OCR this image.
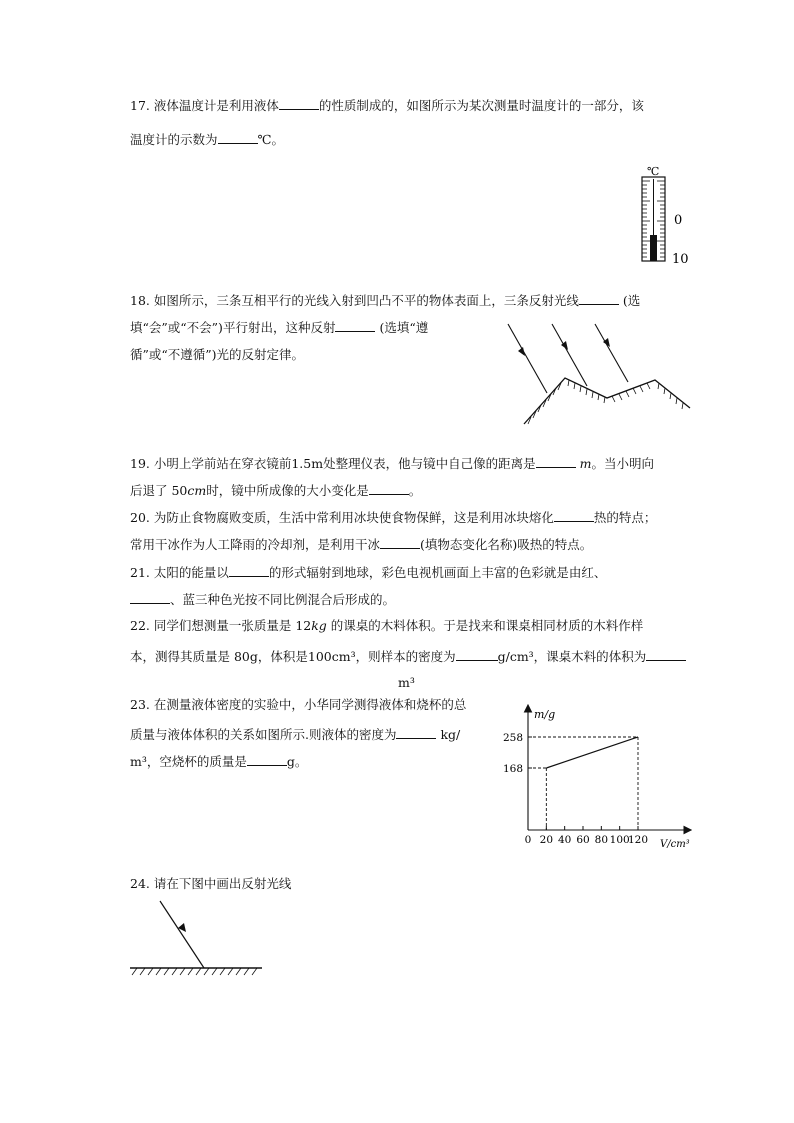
17. 液体温度计是利用液体	的性质制成的，如图所示为某次测量时温度计的一部分，该
温度计的示数为	℃。
℃
0
10
18. 如图所示，三条互相平行的光线入射到凹凸不平的物体表面上，三条反射光线	(选
填“会”或“不会”)平行射出，这种反射	(选填“遵
循”或“不遵循”)光的反射定律。
19. 小明上学前站在穿衣镜前1.5m处整理仪表，他与镜中自己像的距离是	m。当小明向
后退了 50cm时，镜中所成像的大小变化是	。
20. 为防止食物腐败变质，生活中常利用冰块使食物保鲜，这是利用冰块熔化	热的特点；
常用干冰作为人工降雨的冷却剂，是利用干冰	(填物态变化名称)吸热的特点。
21. 太阳的能量以	的形式辐射到地球，彩色电视机画面上丰富的色彩就是由红、
、蓝三种色光按不同比例混合后形成的。
22. 同学们想测量一张质量是 12kg 的课桌的木料体积。于是找来和课桌相同材质的木料作样
本，测得其质量是 80g，体积是100cm³，则样本的密度为	g/cm³，课桌木料的体积为
m³
23. 在测量液体密度的实验中，小华同学测得液体和烧杯的总
质量与液体体积的关系如图所示.则液体的密度为	kg/
m³，空烧杯的质量是	g。
m/g
V/cm³
0 20 40 60 80 100
120
168
258
24. 请在下图中画出反射光线
